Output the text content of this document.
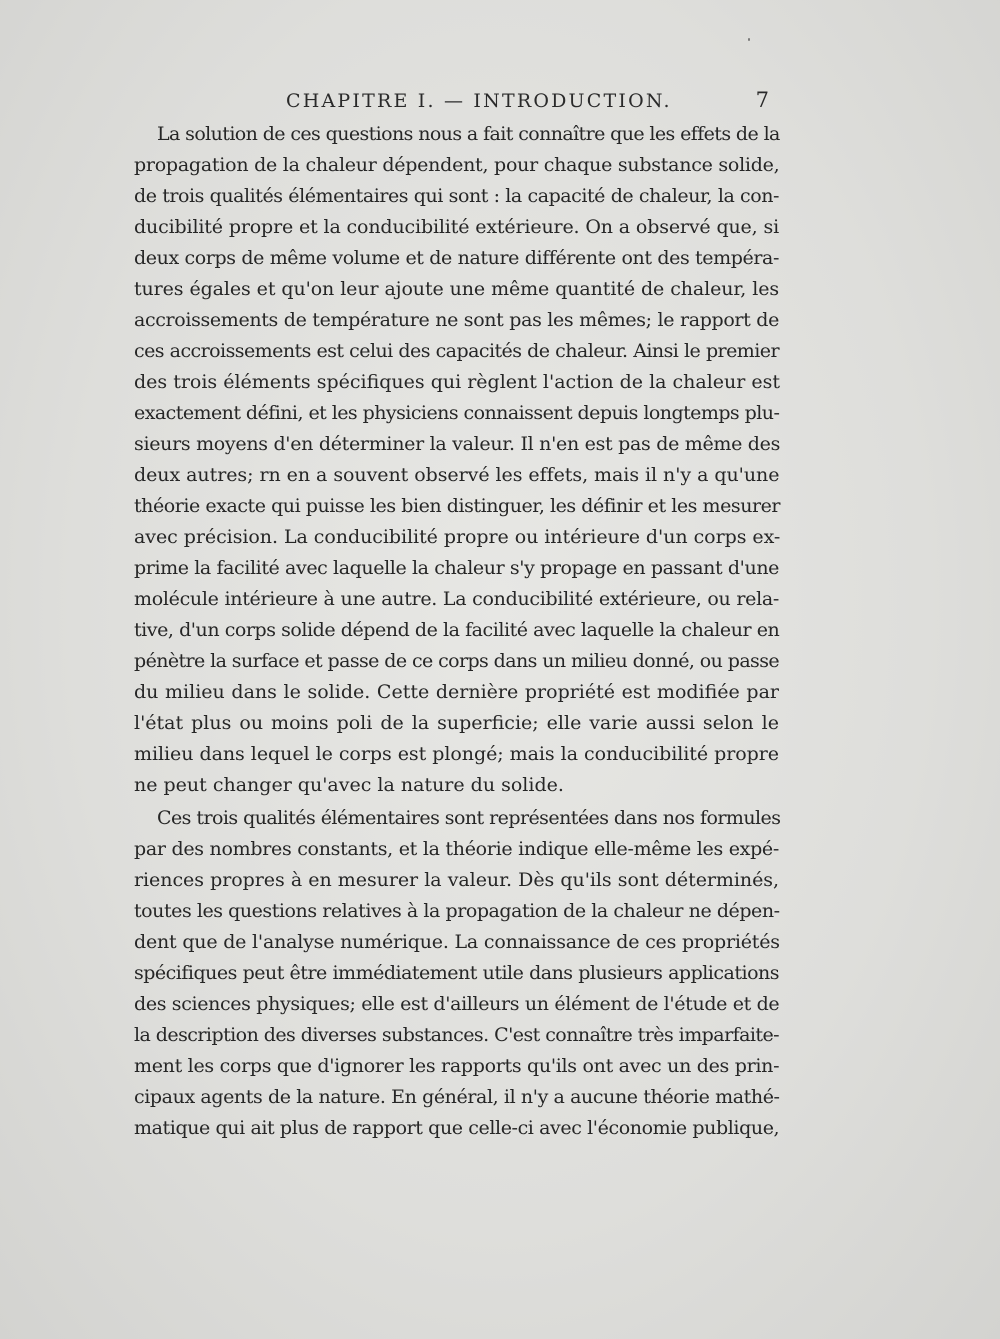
CHAPITRE I. — INTRODUCTION.	7
La solution de ces questions nous a fait connaître que les effets de la
propagation de la chaleur dépendent, pour chaque substance solide,
de trois qualités élémentaires qui sont : la capacité de chaleur, la con-
ducibilité propre et la conducibilité extérieure. On a observé que, si
deux corps de même volume et de nature différente ont des tempéra-
tures égales et qu'on leur ajoute une même quantité de chaleur, les
accroissements de température ne sont pas les mêmes; le rapport de
ces accroissements est celui des capacités de chaleur. Ainsi le premier
des trois éléments spécifiques qui règlent l'action de la chaleur est
exactement défini, et les physiciens connaissent depuis longtemps plu-
sieurs moyens d'en déterminer la valeur. Il n'en est pas de même des
deux autres; rn en a souvent observé les effets, mais il n'y a qu'une
théorie exacte qui puisse les bien distinguer, les définir et les mesurer
avec précision. La conducibilité propre ou intérieure d'un corps ex-
prime la facilité avec laquelle la chaleur s'y propage en passant d'une
molécule intérieure à une autre. La conducibilité extérieure, ou rela-
tive, d'un corps solide dépend de la facilité avec laquelle la chaleur en
pénètre la surface et passe de ce corps dans un milieu donné, ou passe
du milieu dans le solide. Cette dernière propriété est modifiée par
l'état plus ou moins poli de la superficie; elle varie aussi selon le
milieu dans lequel le corps est plongé; mais la conducibilité propre
ne peut changer qu'avec la nature du solide.
Ces trois qualités élémentaires sont représentées dans nos formules
par des nombres constants, et la théorie indique elle-même les expé-
riences propres à en mesurer la valeur. Dès qu'ils sont déterminés,
toutes les questions relatives à la propagation de la chaleur ne dépen-
dent que de l'analyse numérique. La connaissance de ces propriétés
spécifiques peut être immédiatement utile dans plusieurs applications
des sciences physiques; elle est d'ailleurs un élément de l'étude et de
la description des diverses substances. C'est connaître très imparfaite-
ment les corps que d'ignorer les rapports qu'ils ont avec un des prin-
cipaux agents de la nature. En général, il n'y a aucune théorie mathé-
matique qui ait plus de rapport que celle-ci avec l'économie publique,
